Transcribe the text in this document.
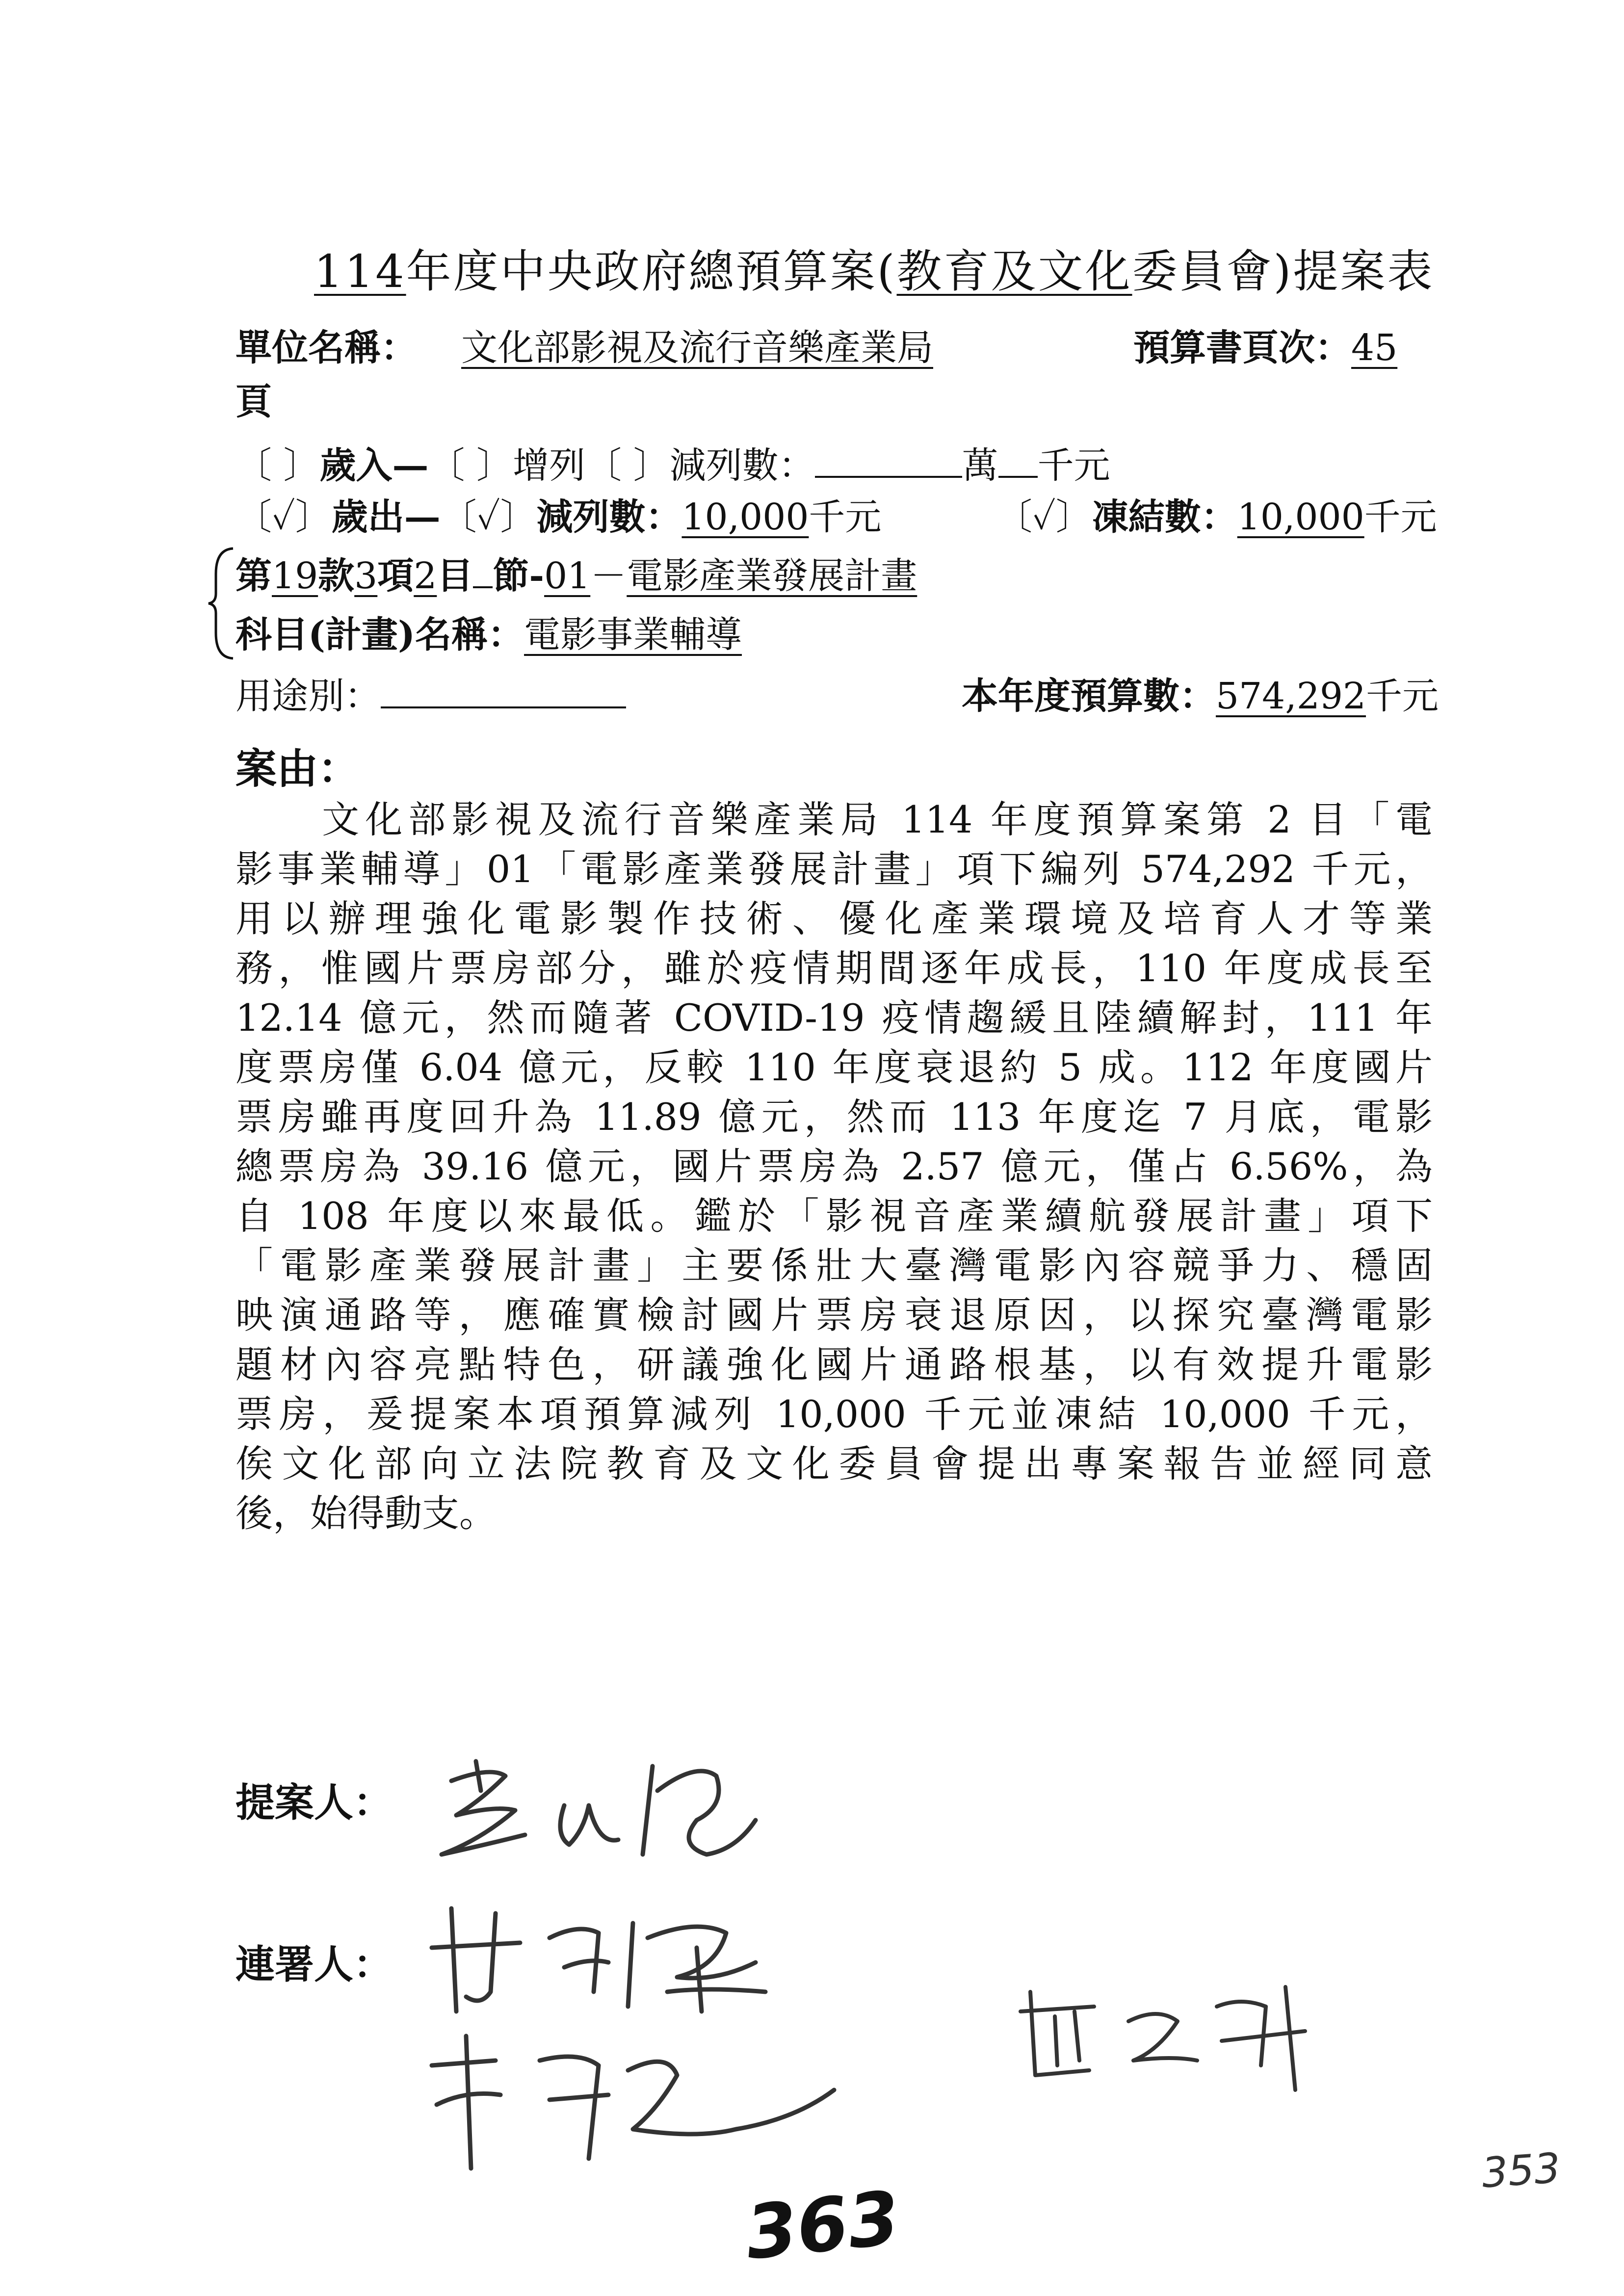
114年度中央政府總預算案(教育及文化委員會)提案表
單位名稱： 文化部影視及流行音樂產業局	預算書頁次：45
頁
〔 〕歲入—〔 〕增列〔 〕減列數：	萬 千元
〔✓〕歲出—〔✓〕減列數：10,000千元	〔✓〕凍結數：10,000千元
第19款3項2目 節-01－電影產業發展計畫
科目(計畫)名稱：電影事業輔導
用途別：	本年度預算數：574,292千元
案由：
　　文化部影視及流行音樂產業局 114 年度預算案第 2 目「電
影事業輔導」01「電影產業發展計畫」項下編列 574,292 千元，
用以辦理強化電影製作技術、優化產業環境及培育人才等業
務，惟國片票房部分，雖於疫情期間逐年成長，110 年度成長至
12.14 億元，然而隨著 COVID-19 疫情趨緩且陸續解封，111 年
度票房僅 6.04 億元，反較 110 年度衰退約 5 成。112 年度國片
票房雖再度回升為 11.89 億元，然而 113 年度迄 7 月底，電影
總票房為 39.16 億元，國片票房為 2.57 億元，僅占 6.56%，為
自 108 年度以來最低。鑑於「影視音產業續航發展計畫」項下
「電影產業發展計畫」主要係壯大臺灣電影內容競爭力、穩固
映演通路等，應確實檢討國片票房衰退原因，以探究臺灣電影
題材內容亮點特色，研議強化國片通路根基，以有效提升電影
票房，爰提案本項預算減列 10,000 千元並凍結 10,000 千元，
俟文化部向立法院教育及文化委員會提出專案報告並經同意
後，始得動支。
提案人：
連署人：
363
353
